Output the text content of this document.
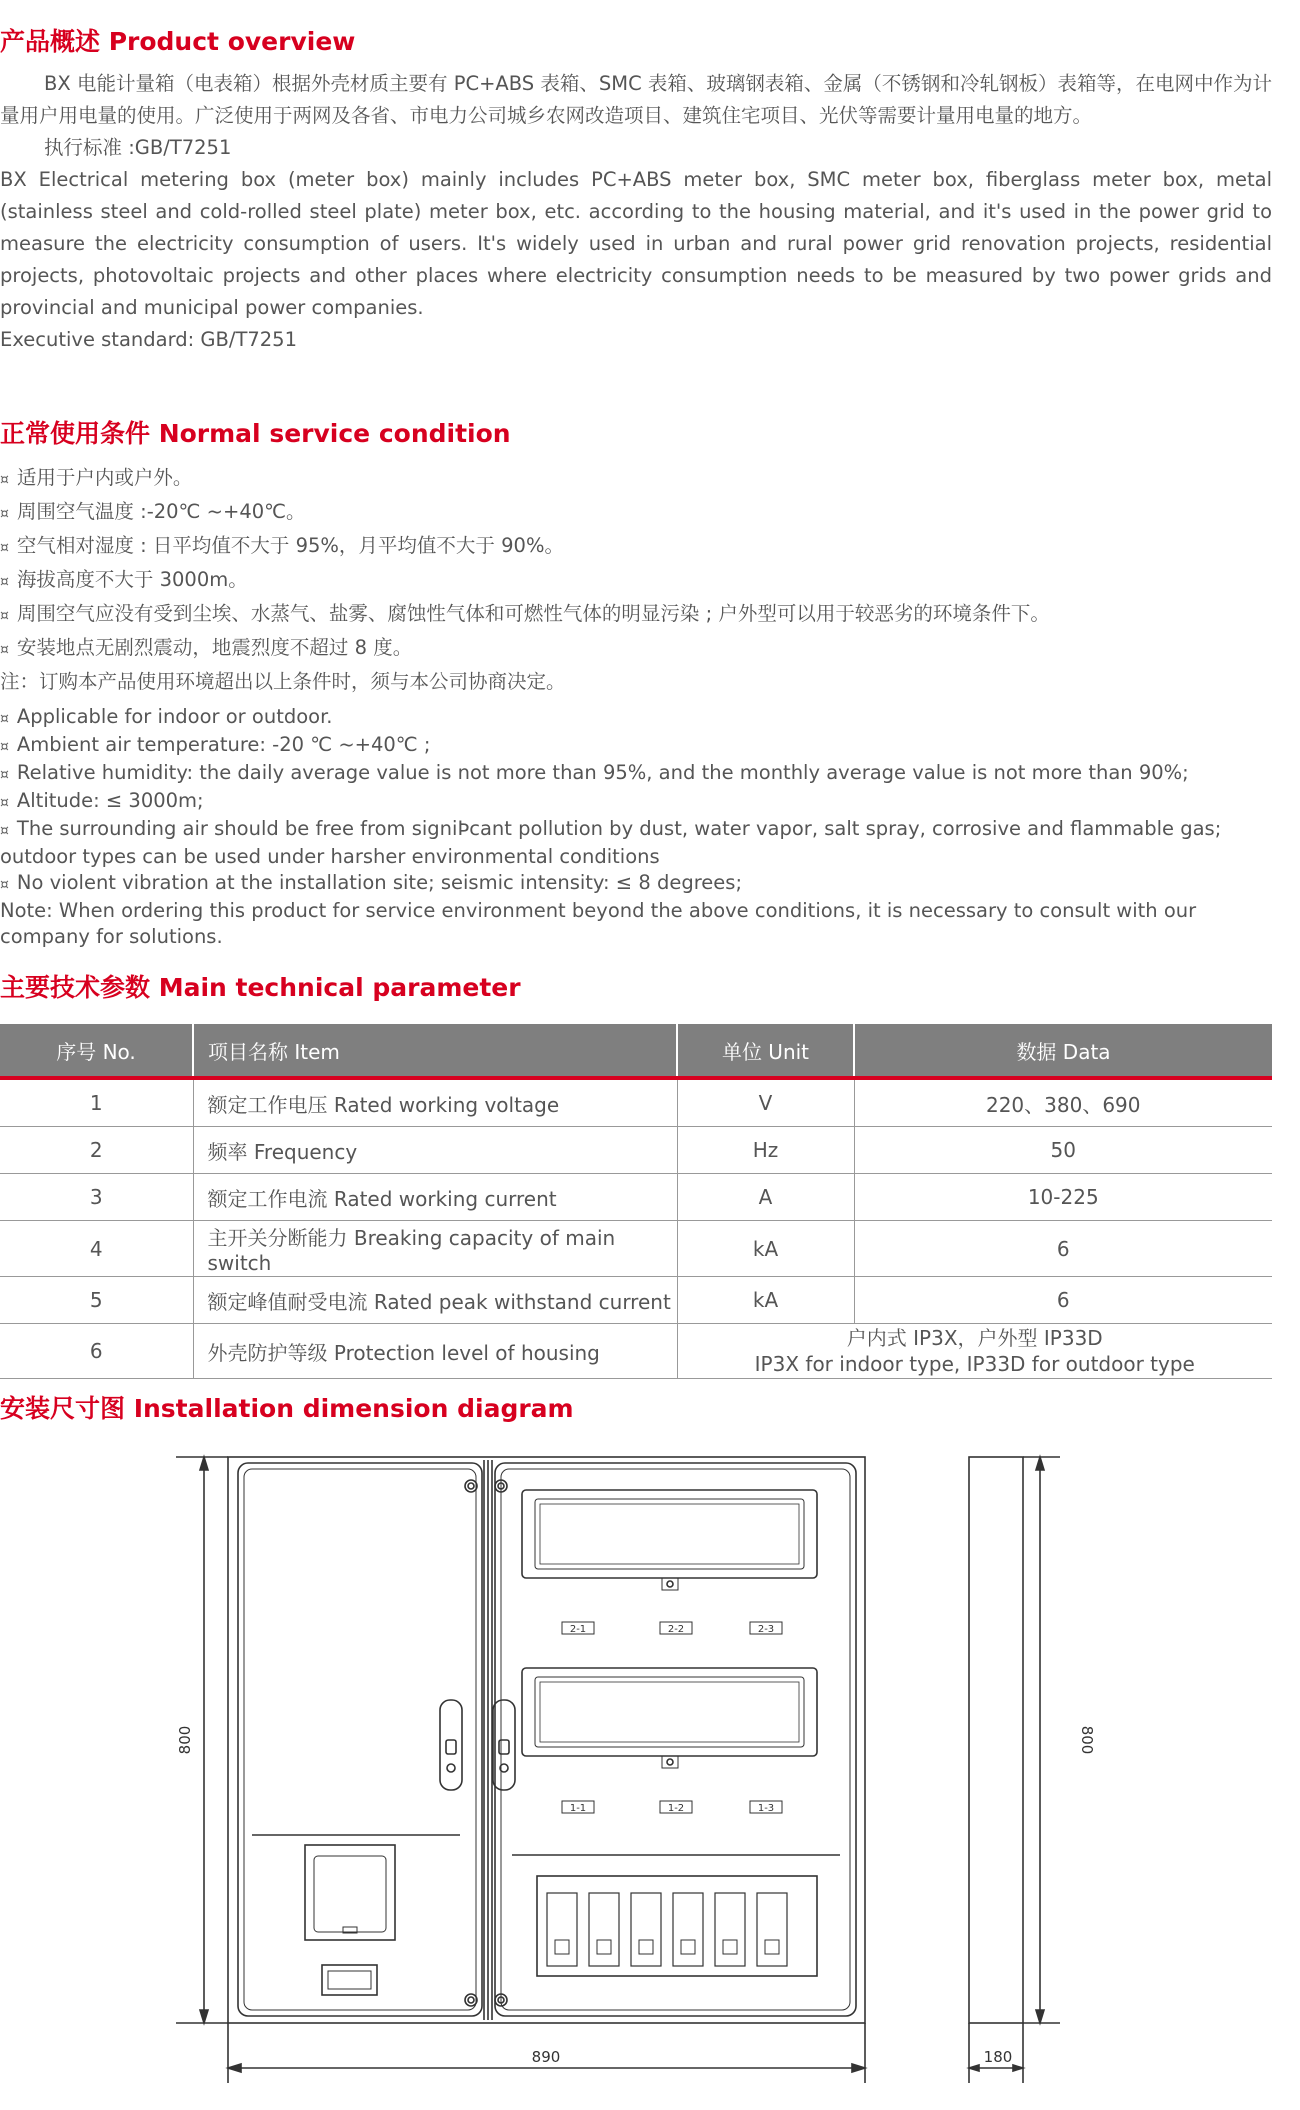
产品概述 Product overview

BX 电能计量箱（电表箱）根据外壳材质主要有 PC+ABS 表箱、SMC 表箱、玻璃钢表箱、金属（不锈钢和冷轧钢板）表箱等，在电网中作为计量用户用电量的使用。广泛使用于两网及各省、市电力公司城乡农网改造项目、建筑住宅项目、光伏等需要计量用电量的地方。

执行标准 :GB/T7251

BX Electrical metering box (meter box) mainly includes PC+ABS meter box, SMC meter box, fiberglass meter box, metal (stainless steel and cold-rolled steel plate) meter box, etc. according to the housing material, and it's used in the power grid to measure the electricity consumption of users. It's widely used in urban and rural power grid renovation projects, residential projects, photovoltaic projects and other places where electricity consumption needs to be measured by two power grids and provincial and municipal power companies.

Executive standard: GB/T7251

正常使用条件 Normal service condition

¤ 适用于户内或户外。

¤ 周围空气温度 :-20℃ ~+40℃。

¤ 空气相对湿度 : 日平均值不大于 95%，月平均值不大于 90%。

¤ 海拔高度不大于 3000m。

¤ 周围空气应没有受到尘埃、水蒸气、盐雾、腐蚀性气体和可燃性气体的明显污染 ; 户外型可以用于较恶劣的环境条件下。

¤ 安装地点无剧烈震动，地震烈度不超过 8 度。

注：订购本产品使用环境超出以上条件时，须与本公司协商决定。

¤ Applicable for indoor or outdoor.

¤ Ambient air temperature: -20 ℃ ~+40℃ ;

¤ Relative humidity: the daily average value is not more than 95%, and the monthly average value is not more than 90%;

¤ Altitude: ≤ 3000m;

¤ The surrounding air should be free from signiÞcant pollution by dust, water vapor, salt spray, corrosive and flammable gas; outdoor types can be used under harsher environmental conditions

¤ No violent vibration at the installation site; seismic intensity: ≤ 8 degrees;

Note: When ordering this product for service environment beyond the above conditions, it is necessary to consult with our company for solutions.

主要技术参数 Main technical parameter
序号 No.	项目名称 Item	单位 Unit	数据 Data
1	额定工作电压 Rated working voltage	V	220、380、690
2	频率 Frequency	Hz	50
3	额定工作电流 Rated working current	A	10-225
4	主开关分断能力 Breaking capacity of main switch	kA	6
5	额定峰值耐受电流 Rated peak withstand current	kA	6
6	外壳防护等级 Protection level of housing	户内式 IP3X，户外型 IP33D
IP3X for indoor type, IP33D for outdoor type	
安装尺寸图 Installation dimension diagram
800	800
890	180
2-1	2-2	2-3
1-1	1-2	1-3
